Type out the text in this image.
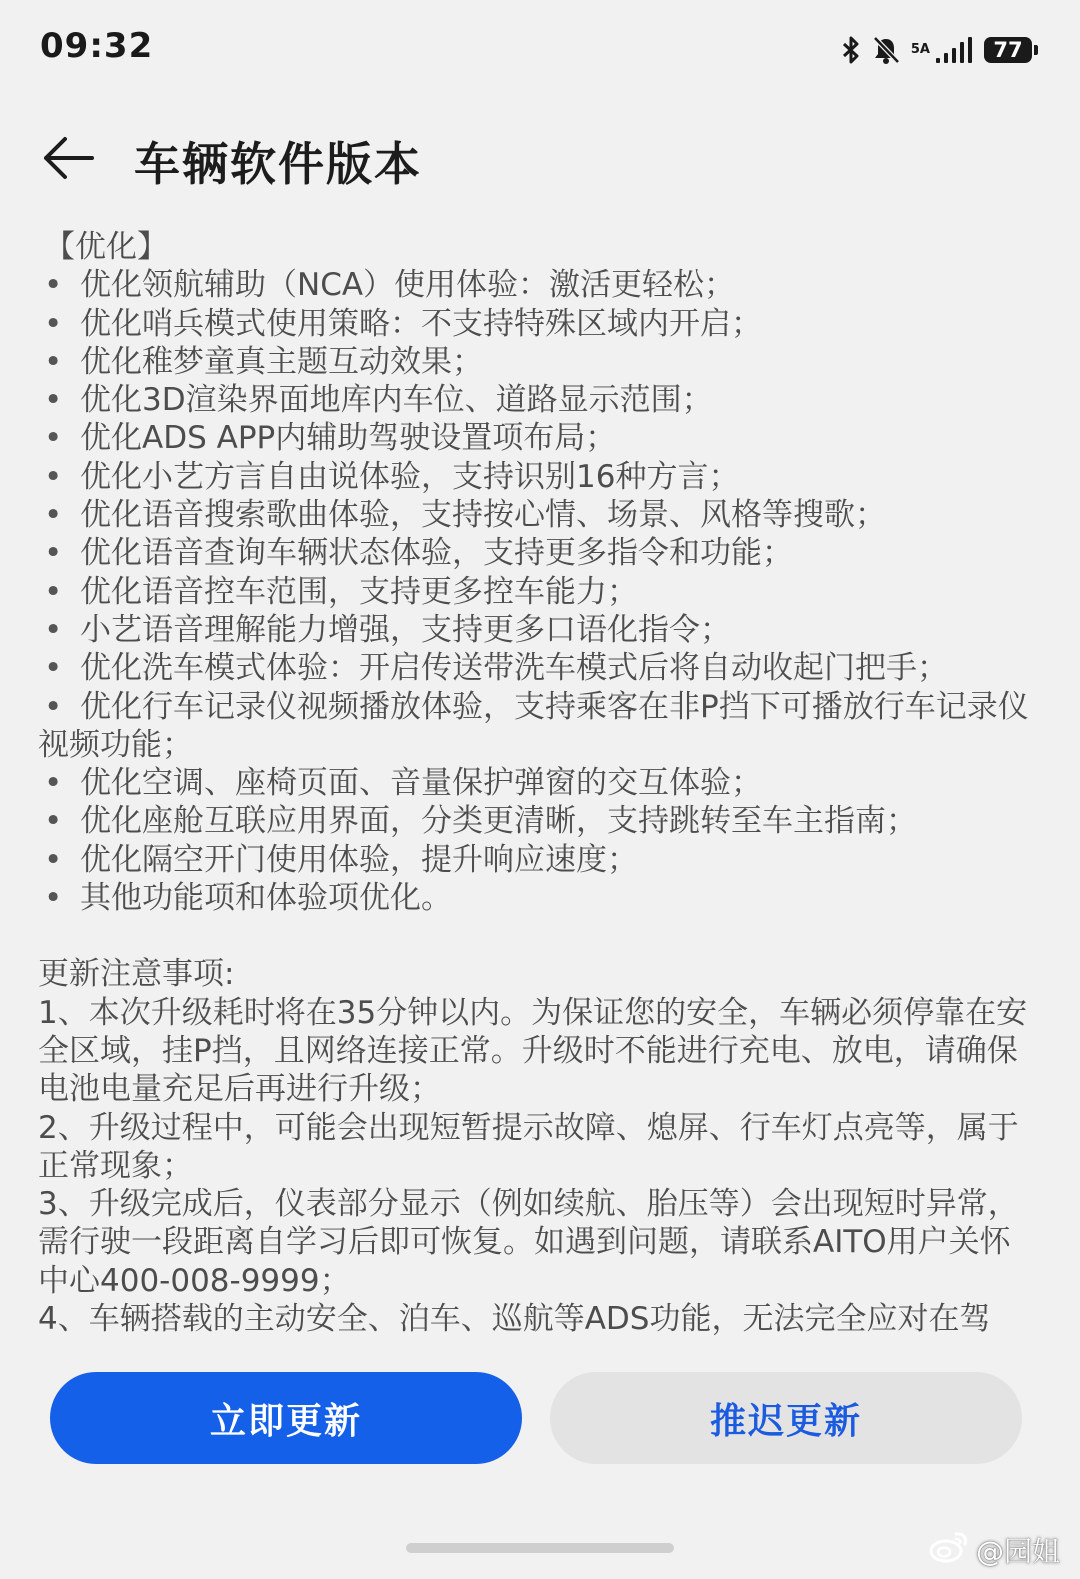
09:32	5A	77
车辆软件版本
【优化】
• 优化领航辅助（NCA）使用体验：激活更轻松；
• 优化哨兵模式使用策略：不支持特殊区域内开启；
• 优化稚梦童真主题互动效果；
• 优化3D渲染界面地库内车位、道路显示范围；
• 优化ADS APP内辅助驾驶设置项布局；
• 优化小艺方言自由说体验，支持识别16种方言；
• 优化语音搜索歌曲体验，支持按心情、场景、风格等搜歌；
• 优化语音查询车辆状态体验，支持更多指令和功能；
• 优化语音控车范围，支持更多控车能力；
• 小艺语音理解能力增强，支持更多口语化指令；
• 优化洗车模式体验：开启传送带洗车模式后将自动收起门把手；
• 优化行车记录仪视频播放体验，支持乘客在非P挡下可播放行车记录仪视频功能；
• 优化空调、座椅页面、音量保护弹窗的交互体验；
• 优化座舱互联应用界面，分类更清晰，支持跳转至车主指南；
• 优化隔空开门使用体验，提升响应速度；
• 其他功能项和体验项优化。

更新注意事项:

1、本次升级耗时将在35分钟以内。为保证您的安全，车辆必须停靠在安全区域，挂P挡，且网络连接正常。升级时不能进行充电、放电，请确保电池电量充足后再进行升级；

2、升级过程中，可能会出现短暂提示故障、熄屏、行车灯点亮等，属于正常现象；

3、升级完成后，仪表部分显示（例如续航、胎压等）会出现短时异常，需行驶一段距离自学习后即可恢复。如遇到问题，请联系AITO用户关怀中心400-008-9999；

4、车辆搭载的主动安全、泊车、巡航等ADS功能，无法完全应对在驾

立即更新	推迟更新
@园姐
